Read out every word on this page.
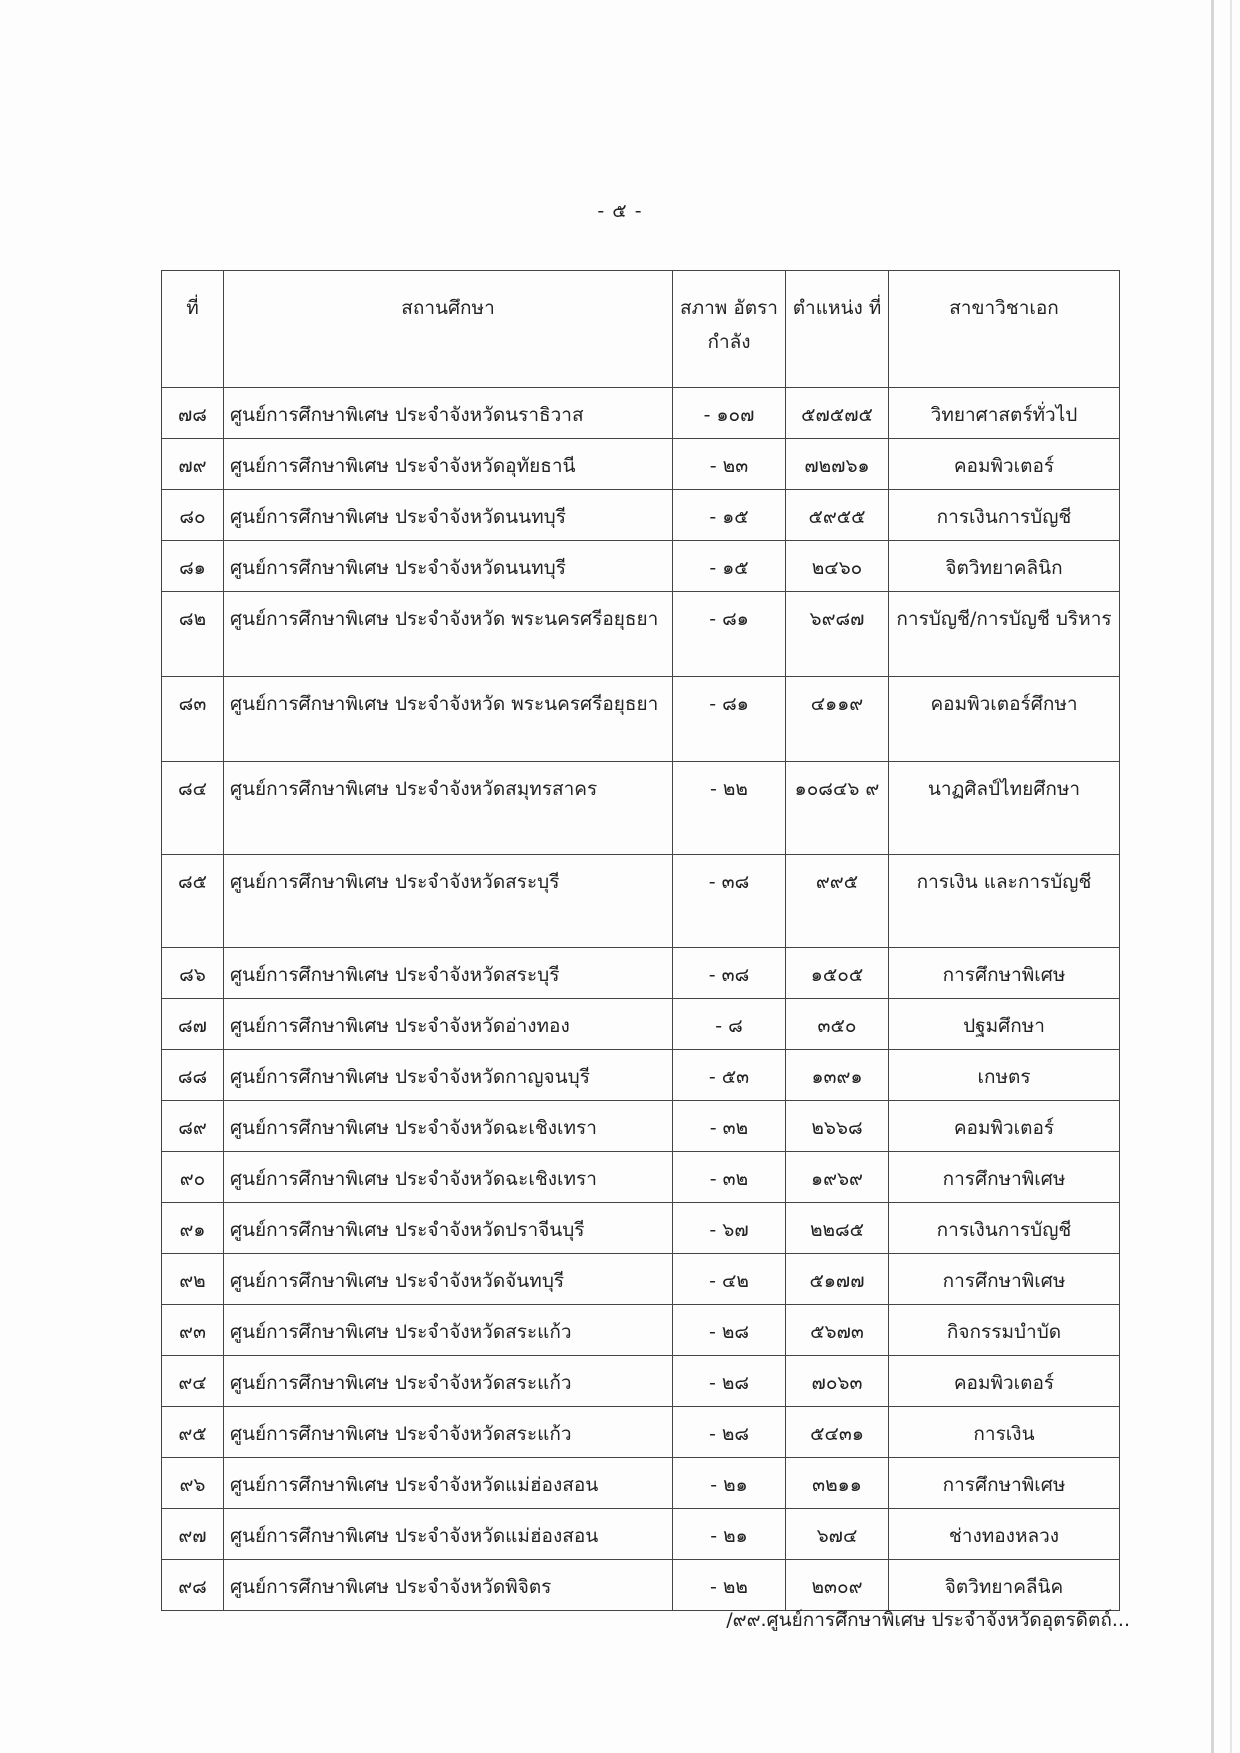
- ๕ -
ที่	สถานศึกษา	สภาพ อัตรากำลัง	ตำแหน่ง ที่	สาขาวิชาเอก
๗๘	ศูนย์การศึกษาพิเศษ ประจำจังหวัดนราธิวาส	- ๑๐๗	๕๗๕๗๕	วิทยาศาสตร์ทั่วไป
๗๙	ศูนย์การศึกษาพิเศษ ประจำจังหวัดอุทัยธานี	- ๒๓	๗๒๗๖๑	คอมพิวเตอร์
๘๐	ศูนย์การศึกษาพิเศษ ประจำจังหวัดนนทบุรี	- ๑๕	๕๙๕๕	การเงินการบัญชี
๘๑	ศูนย์การศึกษาพิเศษ ประจำจังหวัดนนทบุรี	- ๑๕	๒๔๖๐	จิตวิทยาคลินิก
๘๒	ศูนย์การศึกษาพิเศษ ประจำจังหวัด พระนครศรีอยุธยา	- ๘๑	๖๙๘๗	การบัญชี/การบัญชี บริหาร
๘๓	ศูนย์การศึกษาพิเศษ ประจำจังหวัด พระนครศรีอยุธยา	- ๘๑	๔๑๑๙	คอมพิวเตอร์ศึกษา
๘๔	ศูนย์การศึกษาพิเศษ ประจำจังหวัดสมุทรสาคร	- ๒๒	๑๐๘๔๖ ๙	นาฏศิลป์ไทยศึกษา
๘๕	ศูนย์การศึกษาพิเศษ ประจำจังหวัดสระบุรี	- ๓๘	๙๙๕	การเงิน และการบัญชี
๘๖	ศูนย์การศึกษาพิเศษ ประจำจังหวัดสระบุรี	- ๓๘	๑๕๐๕	การศึกษาพิเศษ
๘๗	ศูนย์การศึกษาพิเศษ ประจำจังหวัดอ่างทอง	- ๘	๓๕๐	ปฐมศึกษา
๘๘	ศูนย์การศึกษาพิเศษ ประจำจังหวัดกาญจนบุรี	- ๕๓	๑๓๙๑	เกษตร
๘๙	ศูนย์การศึกษาพิเศษ ประจำจังหวัดฉะเชิงเทรา	- ๓๒	๒๖๖๘	คอมพิวเตอร์
๙๐	ศูนย์การศึกษาพิเศษ ประจำจังหวัดฉะเชิงเทรา	- ๓๒	๑๙๖๙	การศึกษาพิเศษ
๙๑	ศูนย์การศึกษาพิเศษ ประจำจังหวัดปราจีนบุรี	- ๖๗	๒๒๘๕	การเงินการบัญชี
๙๒	ศูนย์การศึกษาพิเศษ ประจำจังหวัดจันทบุรี	- ๔๒	๕๑๗๗	การศึกษาพิเศษ
๙๓	ศูนย์การศึกษาพิเศษ ประจำจังหวัดสระแก้ว	- ๒๘	๕๖๗๓	กิจกรรมบำบัด
๙๔	ศูนย์การศึกษาพิเศษ ประจำจังหวัดสระแก้ว	- ๒๘	๗๐๖๓	คอมพิวเตอร์
๙๕	ศูนย์การศึกษาพิเศษ ประจำจังหวัดสระแก้ว	- ๒๘	๕๔๓๑	การเงิน
๙๖	ศูนย์การศึกษาพิเศษ ประจำจังหวัดแม่ฮ่องสอน	- ๒๑	๓๒๑๑	การศึกษาพิเศษ
๙๗	ศูนย์การศึกษาพิเศษ ประจำจังหวัดแม่ฮ่องสอน	- ๒๑	๖๗๔	ช่างทองหลวง
๙๘	ศูนย์การศึกษาพิเศษ ประจำจังหวัดพิจิตร	- ๒๒	๒๓๐๙	จิตวิทยาคลีนิค
/๙๙.ศูนย์การศึกษาพิเศษ ประจำจังหวัดอุตรดิตถ์...
